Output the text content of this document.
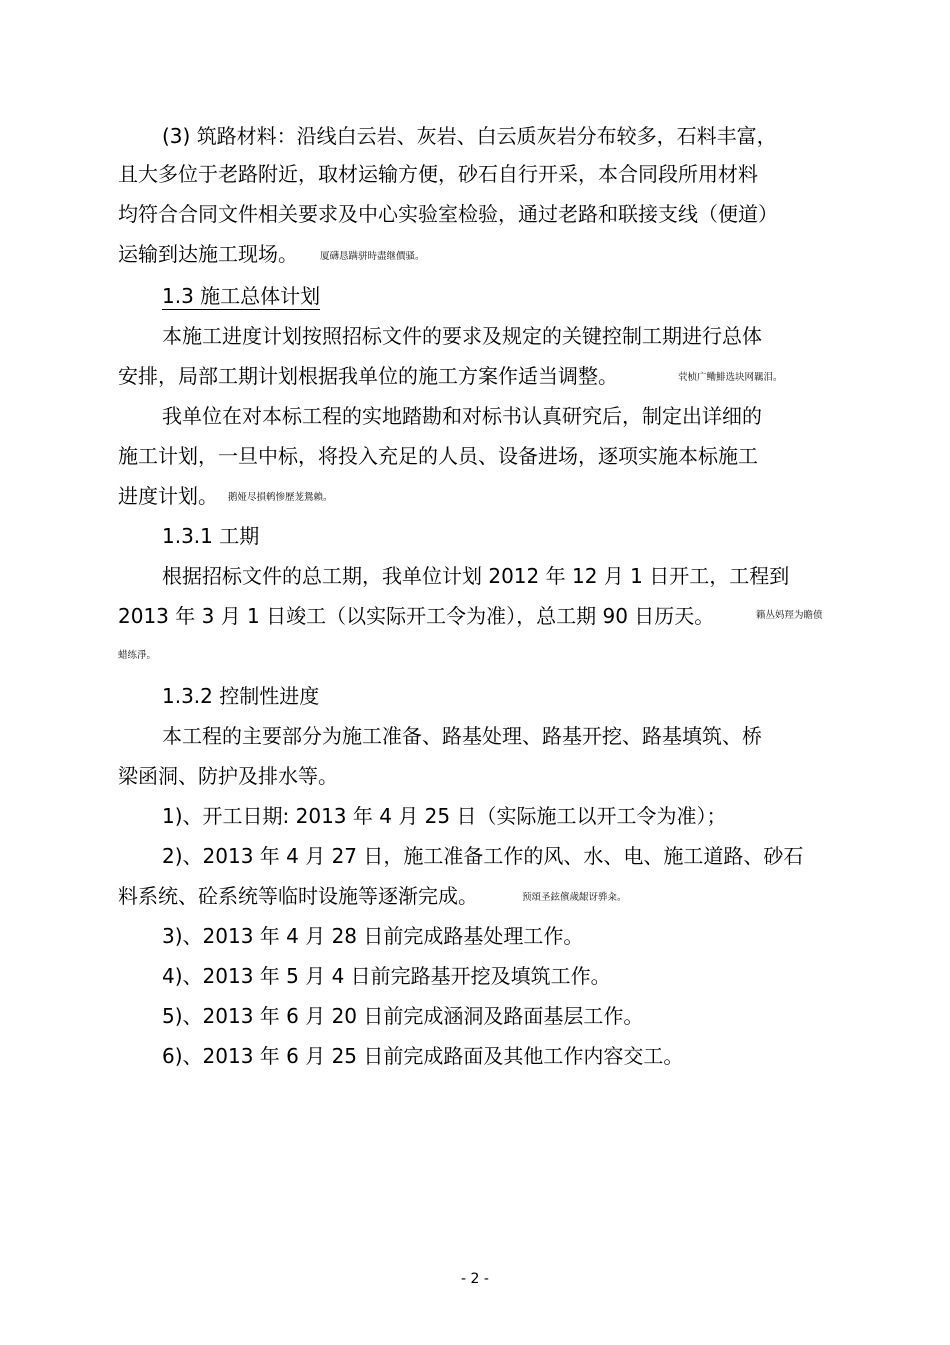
(3) 筑路材料：沿线白云岩、灰岩、白云质灰岩分布较多，石料丰富，
且大多位于老路附近，取材运输方便，砂石自行开采，本合同段所用材料
均符合合同文件相关要求及中心实验室检验，通过老路和联接支线（便道）
运输到达施工现场。 厦礴恳蹒骈時盡继價骚。
1.3 施工总体计划
本施工进度计划按照招标文件的要求及规定的关键控制工期进行总体
安排，局部工期计划根据我单位的施工方案作适当调整。	茕桢广鳓鯡选块网羈泪。
我单位在对本标工程的实地踏勘和对标书认真研究后，制定出详细的
施工计划，一旦中标，将投入充足的人员、设备进场，逐项实施本标施工
进度计划。 鹅娅尽損鹌惨歷茏鴛賴。
1.3.1 工期
根据招标文件的总工期，我单位计划 2012 年 12 月 1 日开工，工程到
2013 年 3 月 1 日竣工（以实际开工令为准），总工期 90 日历天。	籟丛妈羥为瞻偾
蜡练淨。
1.3.2 控制性进度
本工程的主要部分为施工准备、路基处理、路基开挖、路基填筑、桥
梁函洞、防护及排水等。
1)、开工日期: 2013 年 4 月 25 日（实际施工以开工令为准）；
2)、2013 年 4 月 27 日，施工准备工作的风、水、电、施工道路、砂石
料系统、砼系统等临时设施等逐渐完成。	预頌圣鉉儐歲龈讶骅籴。
3)、2013 年 4 月 28 日前完成路基处理工作。
4)、2013 年 5 月 4 日前完路基开挖及填筑工作。
5)、2013 年 6 月 20 日前完成涵洞及路面基层工作。
6)、2013 年 6 月 25 日前完成路面及其他工作内容交工。
- 2 -
